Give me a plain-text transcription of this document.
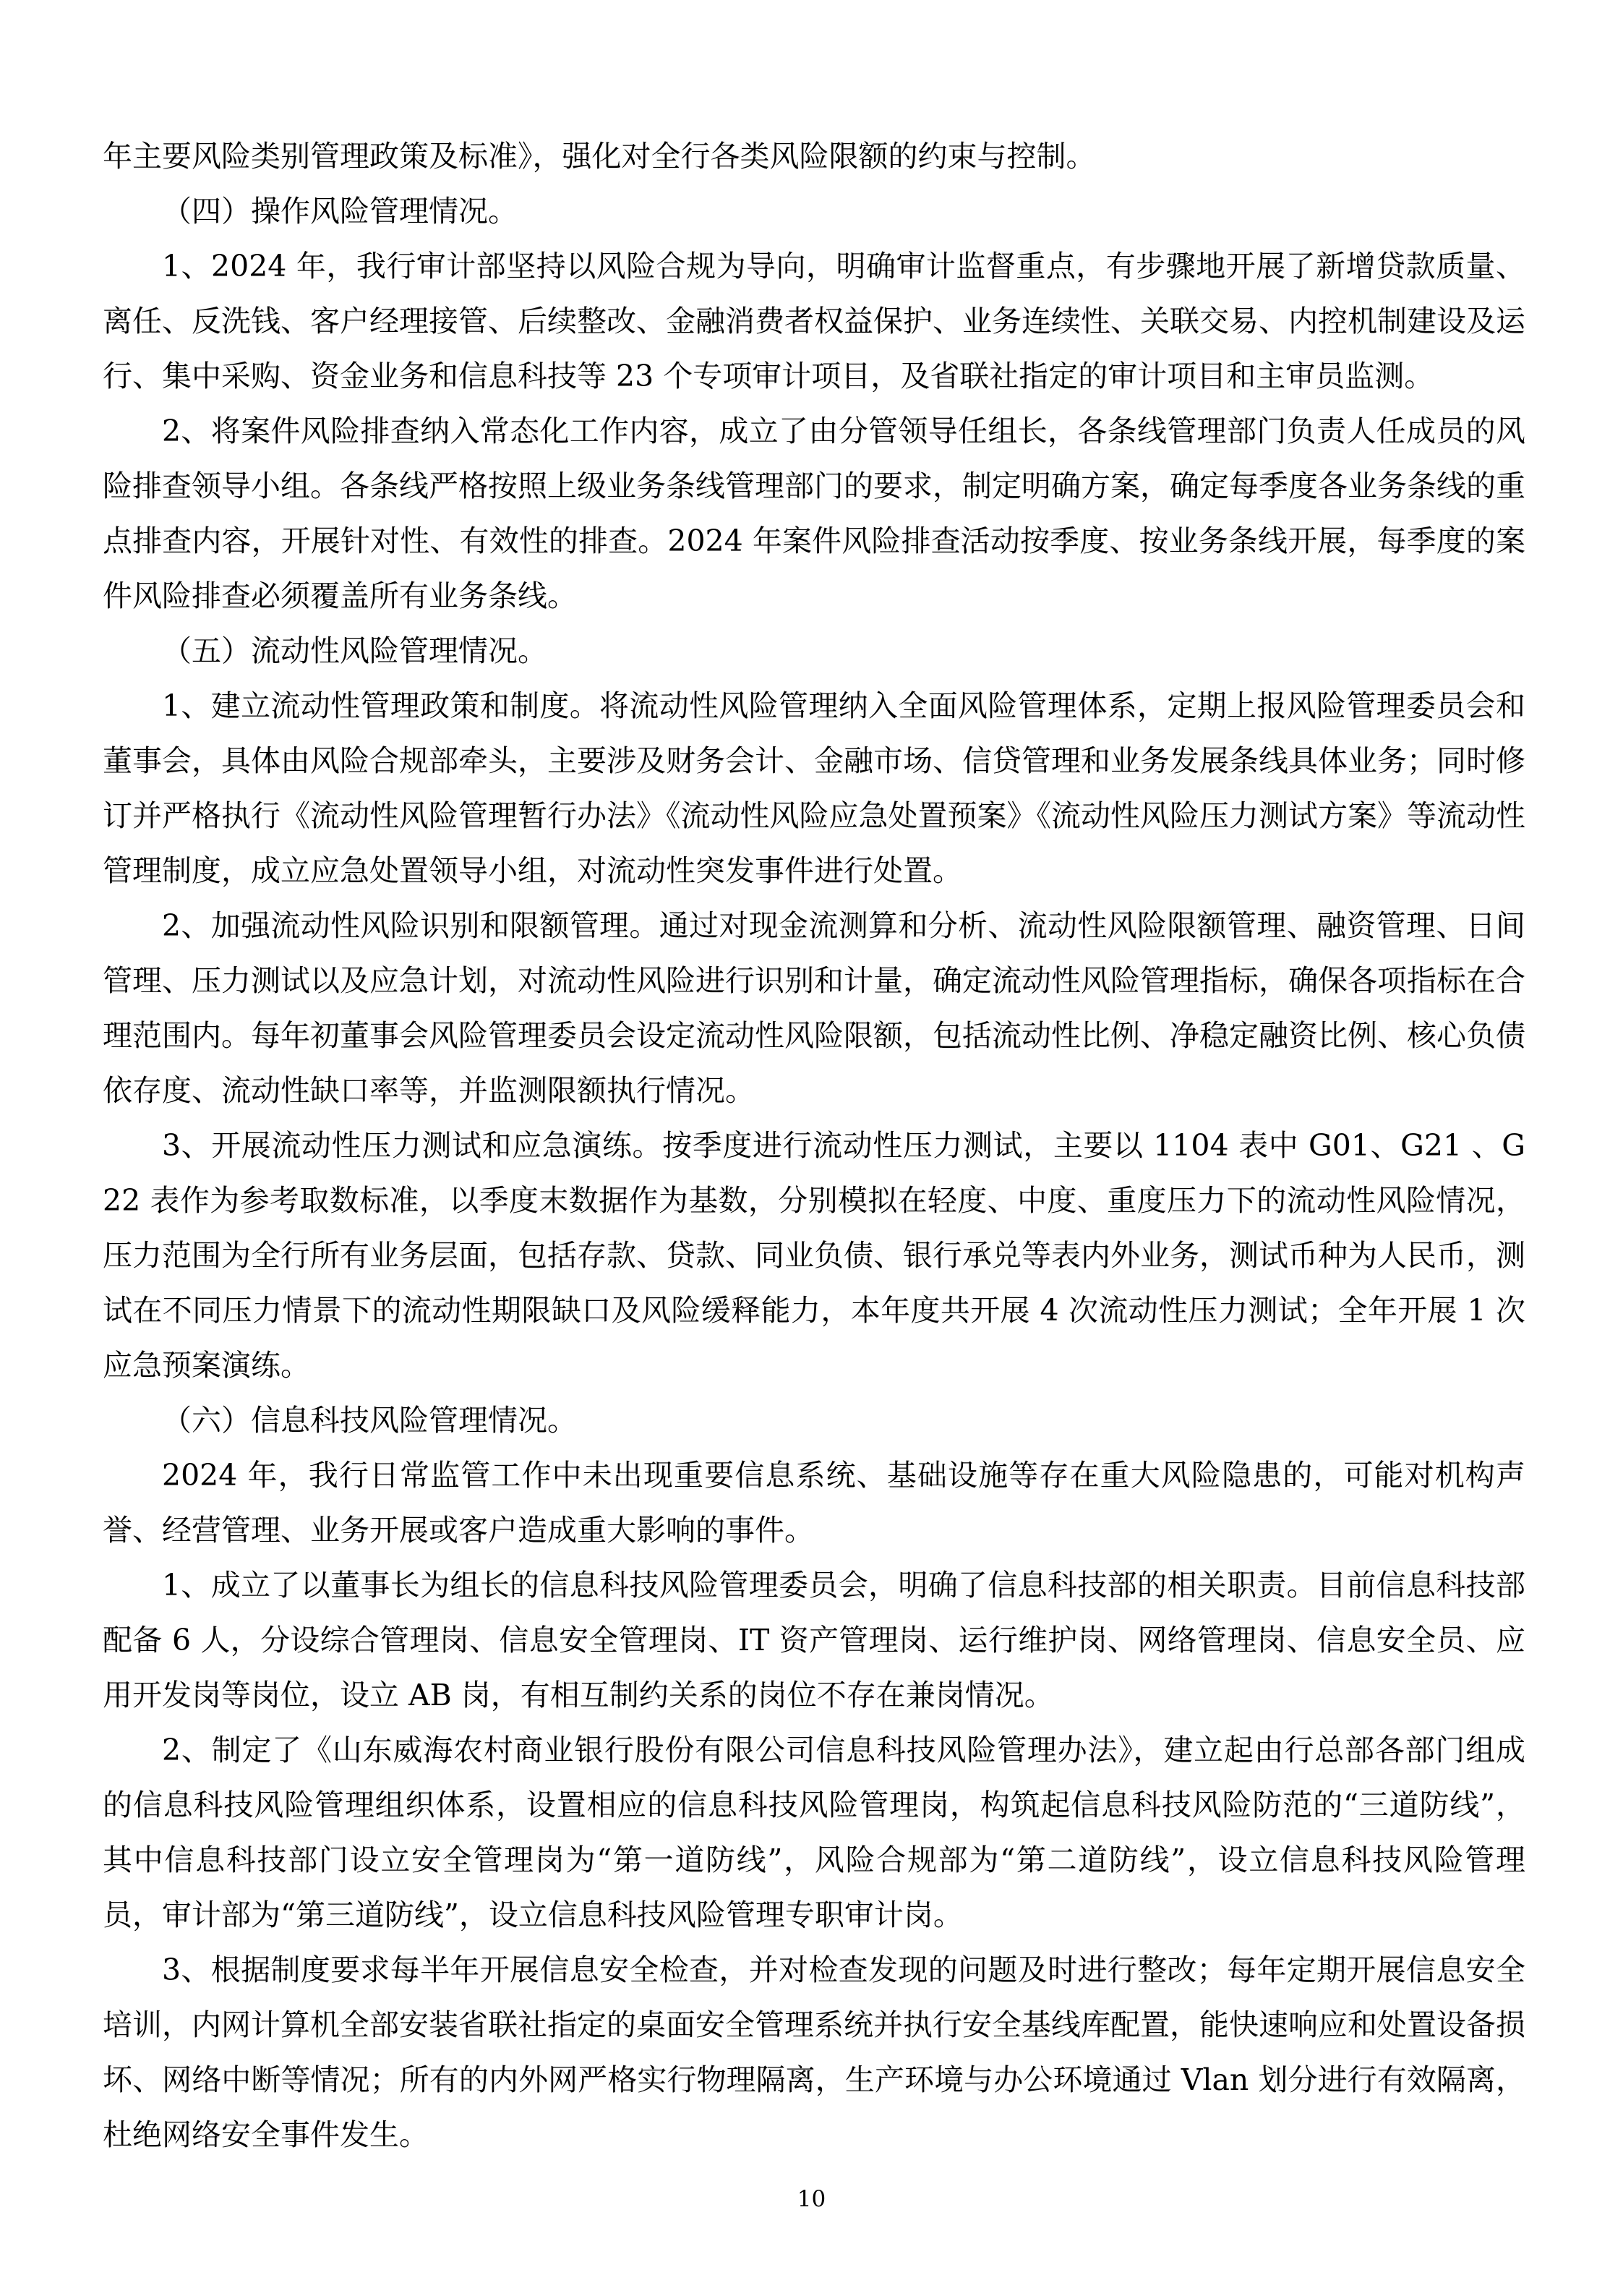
年主要风险类别管理政策及标准》，强化对全行各类风险限额的约束与控制。

（四）操作风险管理情况。

1、2024 年，我行审计部坚持以风险合规为导向，明确审计监督重点，有步骤地开展了新增贷款质量、离任、反洗钱、客户经理接管、后续整改、金融消费者权益保护、业务连续性、关联交易、内控机制建设及运行、集中采购、资金业务和信息科技等 23 个专项审计项目，及省联社指定的审计项目和主审员监测。

2、将案件风险排查纳入常态化工作内容，成立了由分管领导任组长，各条线管理部门负责人任成员的风险排查领导小组。各条线严格按照上级业务条线管理部门的要求，制定明确方案，确定每季度各业务条线的重点排查内容，开展针对性、有效性的排查。2024 年案件风险排查活动按季度、按业务条线开展，每季度的案件风险排查必须覆盖所有业务条线。

（五）流动性风险管理情况。

1、建立流动性管理政策和制度。将流动性风险管理纳入全面风险管理体系，定期上报风险管理委员会和董事会，具体由风险合规部牵头，主要涉及财务会计、金融市场、信贷管理和业务发展条线具体业务；同时修订并严格执行《流动性风险管理暂行办法》《流动性风险应急处置预案》《流动性风险压力测试方案》等流动性管理制度，成立应急处置领导小组，对流动性突发事件进行处置。

2、加强流动性风险识别和限额管理。通过对现金流测算和分析、流动性风险限额管理、融资管理、日间管理、压力测试以及应急计划，对流动性风险进行识别和计量，确定流动性风险管理指标，确保各项指标在合理范围内。每年初董事会风险管理委员会设定流动性风险限额，包括流动性比例、净稳定融资比例、核心负债依存度、流动性缺口率等，并监测限额执行情况。

3、开展流动性压力测试和应急演练。按季度进行流动性压力测试，主要以 1104 表中 G01、G21 、G22 表作为参考取数标准，以季度末数据作为基数，分别模拟在轻度、中度、重度压力下的流动性风险情况，压力范围为全行所有业务层面，包括存款、贷款、同业负债、银行承兑等表内外业务，测试币种为人民币，测试在不同压力情景下的流动性期限缺口及风险缓释能力，本年度共开展 4 次流动性压力测试；全年开展 1 次应急预案演练。

（六）信息科技风险管理情况。

2024 年，我行日常监管工作中未出现重要信息系统、基础设施等存在重大风险隐患的，可能对机构声誉、经营管理、业务开展或客户造成重大影响的事件。

1、成立了以董事长为组长的信息科技风险管理委员会，明确了信息科技部的相关职责。目前信息科技部配备 6 人，分设综合管理岗、信息安全管理岗、IT 资产管理岗、运行维护岗、网络管理岗、信息安全员、应用开发岗等岗位，设立 AB 岗，有相互制约关系的岗位不存在兼岗情况。

2、制定了《山东威海农村商业银行股份有限公司信息科技风险管理办法》，建立起由行总部各部门组成的信息科技风险管理组织体系，设置相应的信息科技风险管理岗，构筑起信息科技风险防范的“三道防线”，其中信息科技部门设立安全管理岗为“第一道防线”，风险合规部为“第二道防线”，设立信息科技风险管理员，审计部为“第三道防线”，设立信息科技风险管理专职审计岗。

3、根据制度要求每半年开展信息安全检查，并对检查发现的问题及时进行整改；每年定期开展信息安全培训，内网计算机全部安装省联社指定的桌面安全管理系统并执行安全基线库配置，能快速响应和处置设备损坏、网络中断等情况；所有的内外网严格实行物理隔离，生产环境与办公环境通过 Vlan 划分进行有效隔离，杜绝网络安全事件发生。

10
